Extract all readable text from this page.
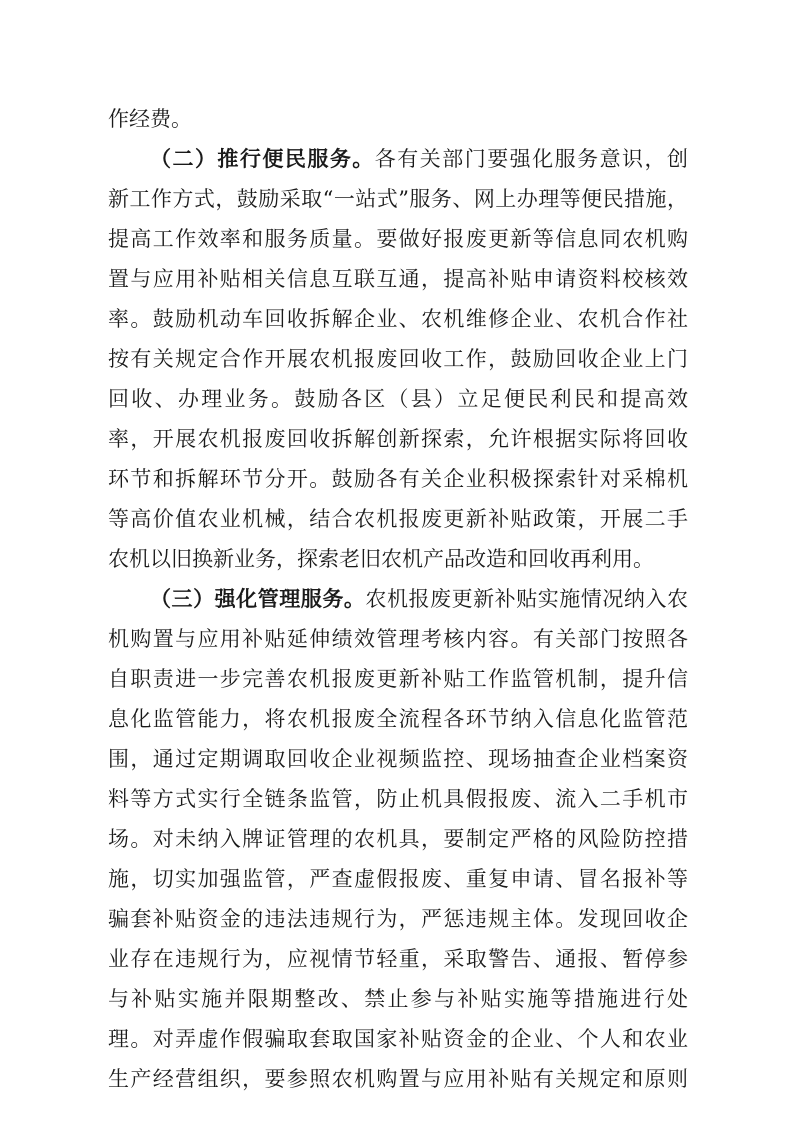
作经费。
（二）推行便民服务。各有关部门要强化服务意识，创
新工作方式，鼓励采取“一站式”服务、网上办理等便民措施，
提高工作效率和服务质量。要做好报废更新等信息同农机购
置与应用补贴相关信息互联互通，提高补贴申请资料校核效
率。鼓励机动车回收拆解企业、农机维修企业、农机合作社
按有关规定合作开展农机报废回收工作，鼓励回收企业上门
回收、办理业务。鼓励各区（县）立足便民利民和提高效
率，开展农机报废回收拆解创新探索，允许根据实际将回收
环节和拆解环节分开。鼓励各有关企业积极探索针对采棉机
等高价值农业机械，结合农机报废更新补贴政策，开展二手
农机以旧换新业务，探索老旧农机产品改造和回收再利用。
（三）强化管理服务。农机报废更新补贴实施情况纳入农
机购置与应用补贴延伸绩效管理考核内容。有关部门按照各
自职责进一步完善农机报废更新补贴工作监管机制，提升信
息化监管能力，将农机报废全流程各环节纳入信息化监管范
围，通过定期调取回收企业视频监控、现场抽查企业档案资
料等方式实行全链条监管，防止机具假报废、流入二手机市
场。对未纳入牌证管理的农机具，要制定严格的风险防控措
施，切实加强监管，严查虚假报废、重复申请、冒名报补等
骗套补贴资金的违法违规行为，严惩违规主体。发现回收企
业存在违规行为，应视情节轻重，采取警告、通报、暂停参
与补贴实施并限期整改、禁止参与补贴实施等措施进行处
理。对弄虚作假骗取套取国家补贴资金的企业、个人和农业
生产经营组织，要参照农机购置与应用补贴有关规定和原则
